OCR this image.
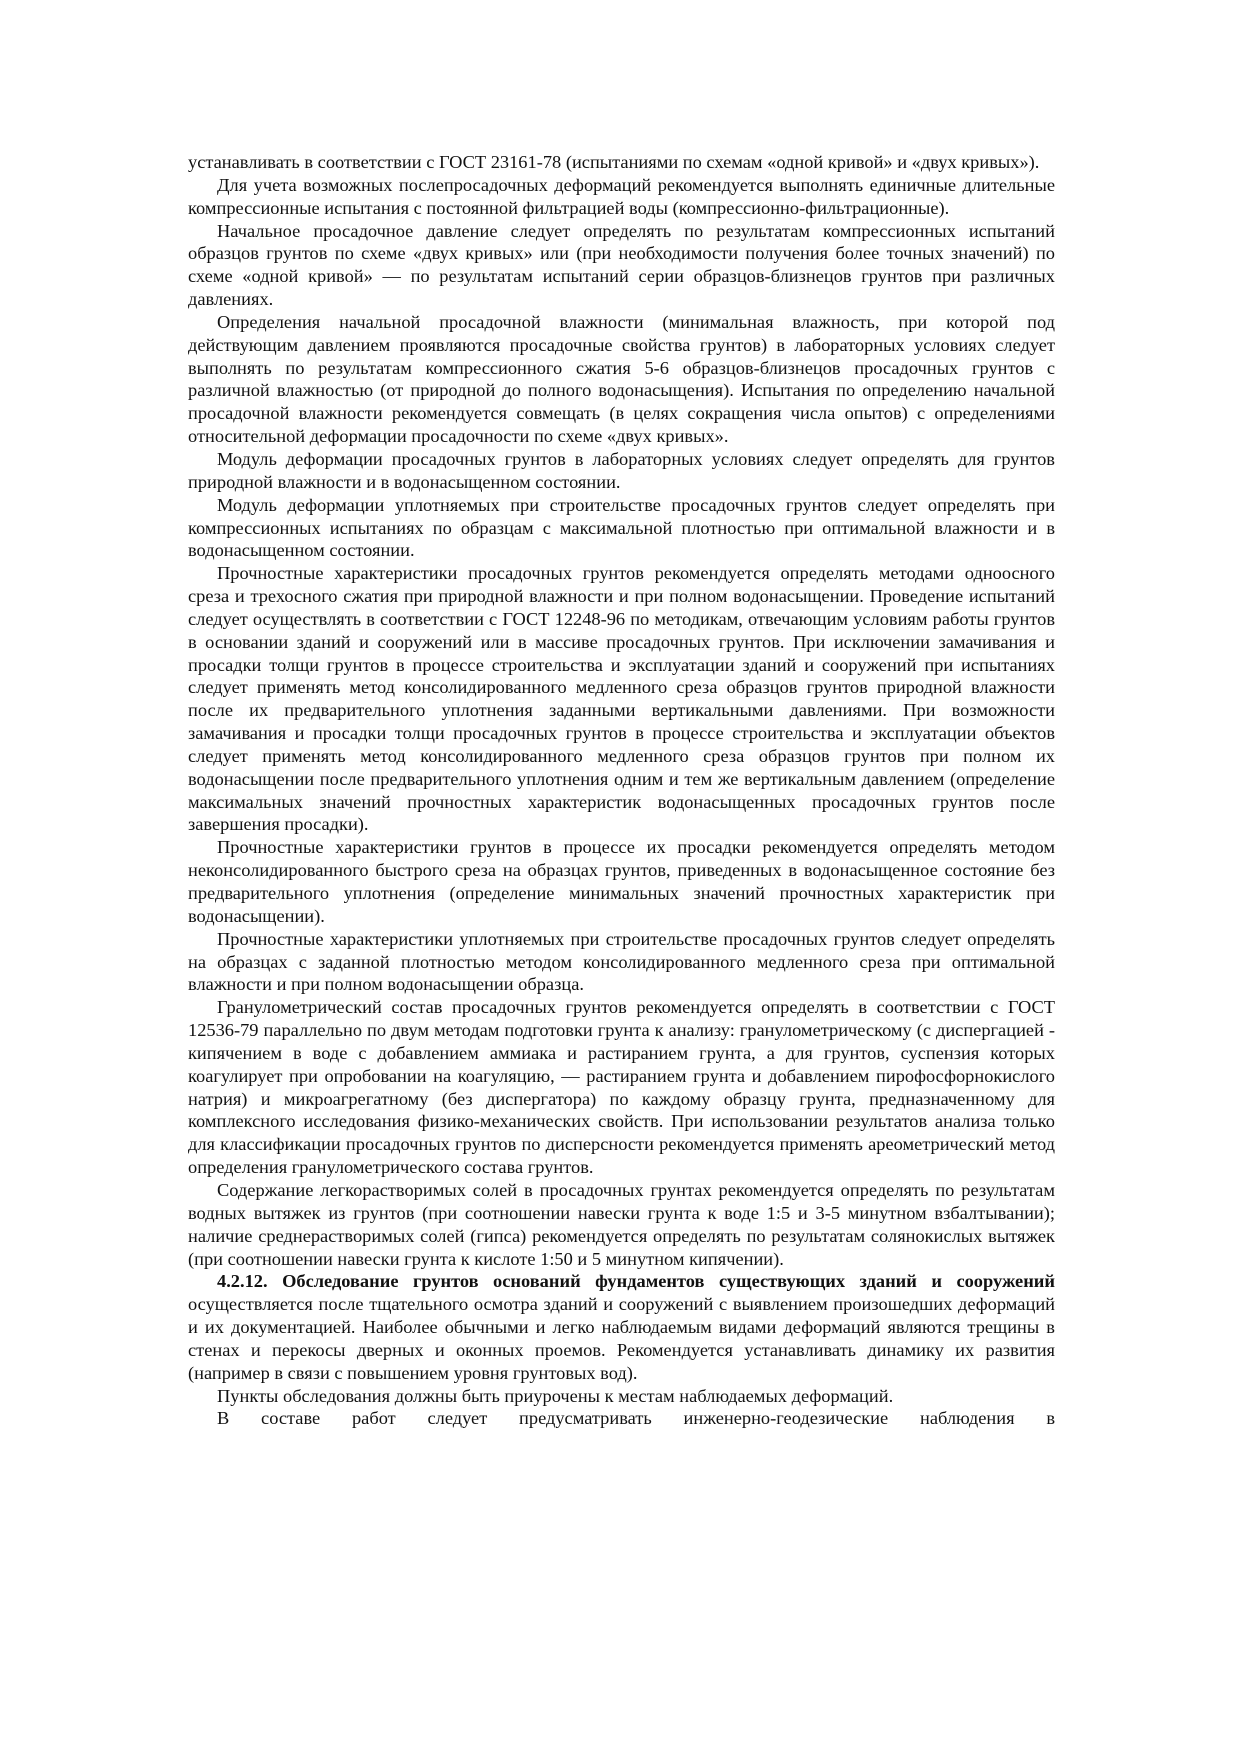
устанавливать в соответствии с ГОСТ 23161-78 (испытаниями по схемам «одной кривой» и «двух кривых»).

Для учета возможных послепросадочных деформаций рекомендуется выполнять единичные длительные компрессионные испытания с постоянной фильтрацией воды (компрессионно-фильтрационные).

Начальное просадочное давление следует определять по результатам компрессионных испытаний образцов грунтов по схеме «двух кривых» или (при необходимости получения более точных значений) по схеме «одной кривой» — по результатам испытаний серии образцов-близнецов грунтов при различных давлениях.

Определения начальной просадочной влажности (минимальная влажность, при которой под действующим давлением проявляются просадочные свойства грунтов) в лабораторных условиях следует выполнять по результатам компрессионного сжатия 5-6 образцов-близнецов просадочных грунтов с различной влажностью (от природной до полного водонасыщения). Испытания по определению начальной просадочной влажности рекомендуется совмещать (в целях сокращения числа опытов) с определениями относительной деформации просадочности по схеме «двух кривых».

Модуль деформации просадочных грунтов в лабораторных условиях следует определять для грунтов природной влажности и в водонасыщенном состоянии.

Модуль деформации уплотняемых при строительстве просадочных грунтов следует определять при компрессионных испытаниях по образцам с максимальной плотностью при оптимальной влажности и в водонасыщенном состоянии.

Прочностные характеристики просадочных грунтов рекомендуется определять методами одноосного среза и трехосного сжатия при природной влажности и при полном водонасыщении. Проведение испытаний следует осуществлять в соответствии с ГОСТ 12248-96 по методикам, отвечающим условиям работы грунтов в основании зданий и сооружений или в массиве просадочных грунтов. При исключении замачивания и просадки толщи грунтов в процессе строительства и эксплуатации зданий и сооружений при испытаниях следует применять метод консолидированного медленного среза образцов грунтов природной влажности после их предварительного уплотнения заданными вертикальными давлениями. При возможности замачивания и просадки толщи просадочных грунтов в процессе строительства и эксплуатации объектов следует применять метод консолидированного медленного среза образцов грунтов при полном их водонасыщении после предварительного уплотнения одним и тем же вертикальным давлением (определение максимальных значений прочностных характеристик водонасыщенных просадочных грунтов после завершения просадки).

Прочностные характеристики грунтов в процессе их просадки рекомендуется определять методом неконсолидированного быстрого среза на образцах грунтов, приведенных в водонасыщенное состояние без предварительного уплотнения (определение минимальных значений прочностных характеристик при водонасыщении).

Прочностные характеристики уплотняемых при строительстве просадочных грунтов следует определять на образцах с заданной плотностью методом консолидированного медленного среза при оптимальной влажности и при полном водонасыщении образца.

Гранулометрический состав просадочных грунтов рекомендуется определять в соответствии с ГОСТ 12536-79 параллельно по двум методам подготовки грунта к анализу: гранулометрическому (с диспергацией - кипячением в воде с добавлением аммиака и растиранием грунта, а для грунтов, суспензия которых коагулирует при опробовании на коагуляцию, — растиранием грунта и добавлением пирофосфорнокислого натрия) и микроагрегатному (без диспергатора) по каждому образцу грунта, предназначенному для комплексного исследования физико-механических свойств. При использовании результатов анализа только для классификации просадочных грунтов по дисперсности рекомендуется применять ареометрический метод определения гранулометрического состава грунтов.

Содержание легкорастворимых солей в просадочных грунтах рекомендуется определять по результатам водных вытяжек из грунтов (при соотношении навески грунта к воде 1:5 и 3-5 минутном взбалтывании); наличие среднерастворимых солей (гипса) рекомендуется определять по результатам солянокислых вытяжек (при соотношении навески грунта к кислоте 1:50 и 5 минутном кипячении).

4.2.12. Обследование грунтов оснований фундаментов существующих зданий и сооружений осуществляется после тщательного осмотра зданий и сооружений с выявлением произошедших деформаций и их документацией. Наиболее обычными и легко наблюдаемым видами деформаций являются трещины в стенах и перекосы дверных и оконных проемов. Рекомендуется устанавливать динамику их развития (например в связи с повышением уровня грунтовых вод).

Пункты обследования должны быть приурочены к местам наблюдаемых деформаций.

В составе работ следует предусматривать инженерно-геодезические наблюдения в
